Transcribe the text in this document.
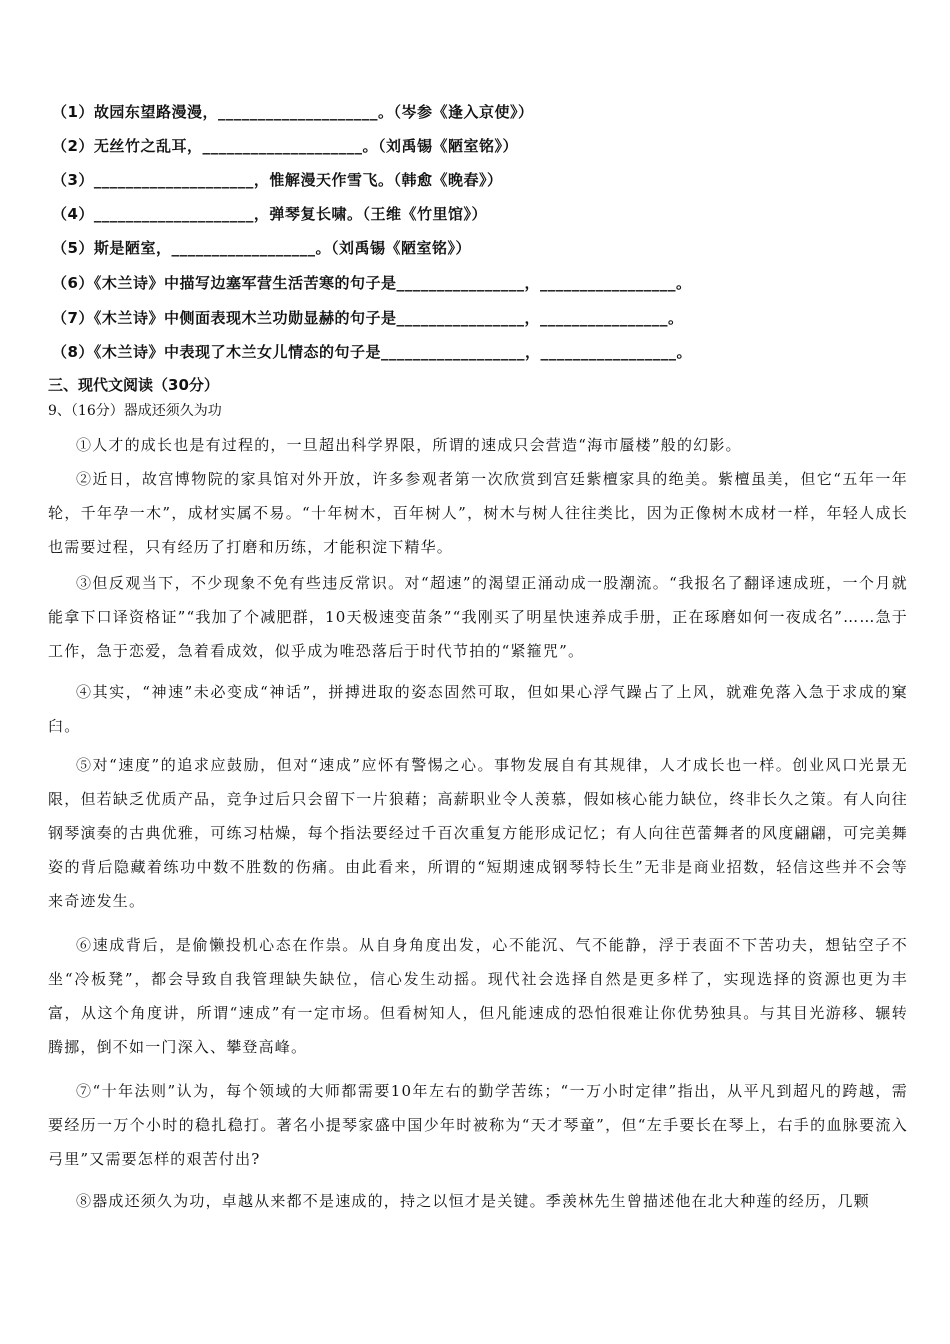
（1）故园东望路漫漫，____________________。（岑参《逢入京使》）
（2）无丝竹之乱耳，____________________。（刘禹锡《陋室铭》）
（3）____________________，惟解漫天作雪飞。（韩愈《晚春》）
（4）____________________，弹琴复长啸。（王维《竹里馆》）
（5）斯是陋室，__________________。（刘禹锡《陋室铭》）
（6）《木兰诗》中描写边塞军营生活苦寒的句子是________________，_________________。
（7）《木兰诗》中侧面表现木兰功勋显赫的句子是________________，________________。
（8）《木兰诗》中表现了木兰女儿情态的句子是__________________，_________________。
三、现代文阅读（30分）
9、（16分）器成还须久为功
①人才的成长也是有过程的，一旦超出科学界限，所谓的速成只会营造“海市蜃楼”般的幻影。
②近日，故宫博物院的家具馆对外开放，许多参观者第一次欣赏到宫廷紫檀家具的绝美。紫檀虽美，但它“五年一年轮，千年孕一木”，成材实属不易。“十年树木，百年树人”，树木与树人往往类比，因为正像树木成材一样，年轻人成长也需要过程，只有经历了打磨和历练，才能积淀下精华。
③但反观当下，不少现象不免有些违反常识。对“超速”的渴望正涌动成一股潮流。“我报名了翻译速成班，一个月就能拿下口译资格证”“我加了个减肥群，10天极速变苗条”“我刚买了明星快速养成手册，正在琢磨如何一夜成名”……急于工作，急于恋爱，急着看成效，似乎成为唯恐落后于时代节拍的“紧箍咒”。
④其实，“神速”未必变成“神话”，拼搏进取的姿态固然可取，但如果心浮气躁占了上风，就难免落入急于求成的窠臼。
⑤对“速度”的追求应鼓励，但对“速成”应怀有警惕之心。事物发展自有其规律，人才成长也一样。创业风口光景无限，但若缺乏优质产品，竞争过后只会留下一片狼藉；高薪职业令人羡慕，假如核心能力缺位，终非长久之策。有人向往钢琴演奏的古典优雅，可练习枯燥，每个指法要经过千百次重复方能形成记忆；有人向往芭蕾舞者的风度翩翩，可完美舞姿的背后隐藏着练功中数不胜数的伤痛。由此看来，所谓的“短期速成钢琴特长生”无非是商业招数，轻信这些并不会等来奇迹发生。
⑥速成背后，是偷懒投机心态在作祟。从自身角度出发，心不能沉、气不能静，浮于表面不下苦功夫，想钻空子不坐“冷板凳”，都会导致自我管理缺失缺位，信心发生动摇。现代社会选择自然是更多样了，实现选择的资源也更为丰富，从这个角度讲，所谓“速成”有一定市场。但看树知人，但凡能速成的恐怕很难让你优势独具。与其目光游移、辗转腾挪，倒不如一门深入、攀登高峰。
⑦“十年法则”认为，每个领域的大师都需要10年左右的勤学苦练；“一万小时定律”指出，从平凡到超凡的跨越，需要经历一万个小时的稳扎稳打。著名小提琴家盛中国少年时被称为“天才琴童”，但“左手要长在琴上，右手的血脉要流入弓里”又需要怎样的艰苦付出?
⑧器成还须久为功，卓越从来都不是速成的，持之以恒才是关键。季羡林先生曾描述他在北大种莲的经历，几颗
